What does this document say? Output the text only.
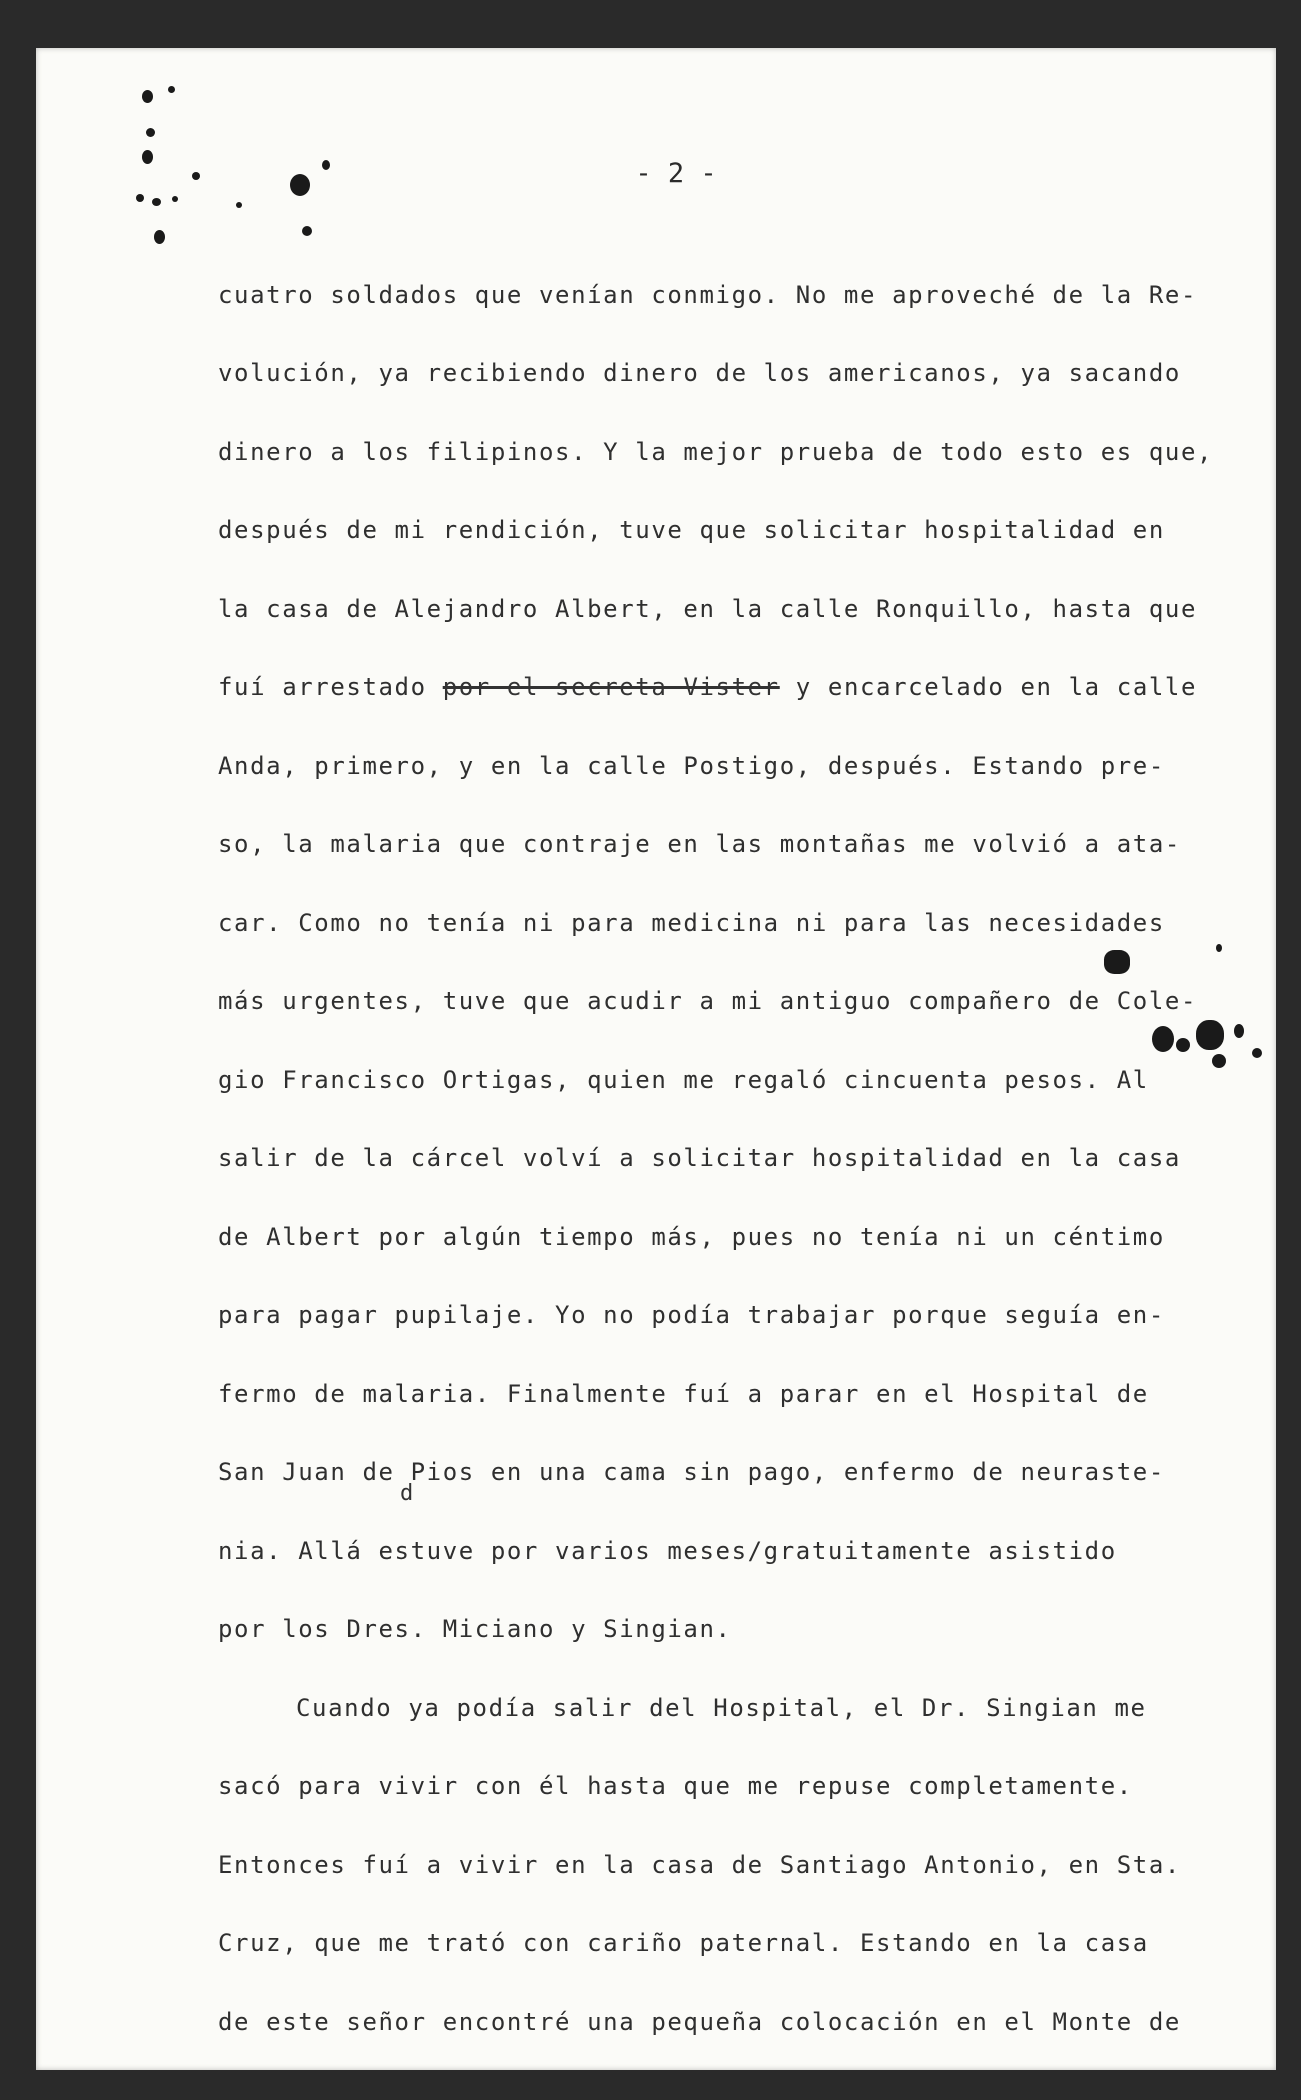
- 2 -
cuatro soldados que venían conmigo. No me aproveché de la Re-
volución, ya recibiendo dinero de los americanos, ya sacando
dinero a los filipinos. Y la mejor prueba de todo esto es que,
después de mi rendición, tuve que solicitar hospitalidad en
la casa de Alejandro Albert, en la calle Ronquillo, hasta que
fuí arrestado por el secreta Vister y encarcelado en la calle
Anda, primero, y en la calle Postigo, después. Estando pre-
so, la malaria que contraje en las montañas me volvió a ata-
car. Como no tenía ni para medicina ni para las necesidades
más urgentes, tuve que acudir a mi antiguo compañero de Cole-
gio Francisco Ortigas, quien me regaló cincuenta pesos. Al
salir de la cárcel volví a solicitar hospitalidad en la casa
de Albert por algún tiempo más, pues no tenía ni un céntimo
para pagar pupilaje. Yo no podía trabajar porque seguía en-
fermo de malaria. Finalmente fuí a parar en el Hospital de
San Juan de Pios en una cama sin pago, enfermo de neuraste-
d
nia. Allá estuve por varios meses/gratuitamente asistido
por los Dres. Miciano y Singian.
Cuando ya podía salir del Hospital, el Dr. Singian me
sacó para vivir con él hasta que me repuse completamente.
Entonces fuí a vivir en la casa de Santiago Antonio, en Sta.
Cruz, que me trató con cariño paternal. Estando en la casa
de este señor encontré una pequeña colocación en el Monte de
